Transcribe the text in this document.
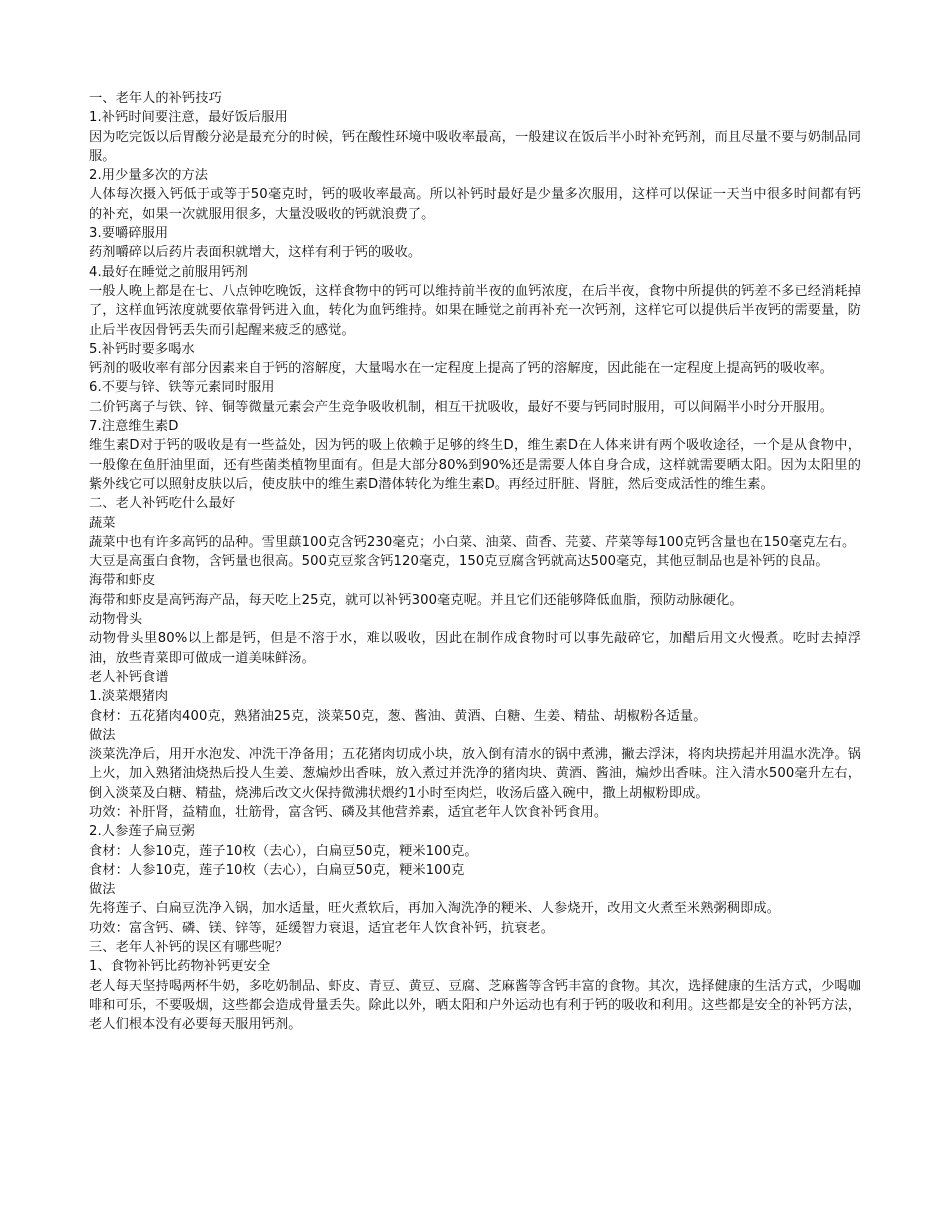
一、老年人的补钙技巧

1.补钙时间要注意，最好饭后服用

因为吃完饭以后胃酸分泌是最充分的时候，钙在酸性环境中吸收率最高，一般建议在饭后半小时补充钙剂，而且尽量不要与奶制品同服。

2.用少量多次的方法

人体每次摄入钙低于或等于50毫克时，钙的吸收率最高。所以补钙时最好是少量多次服用，这样可以保证一天当中很多时间都有钙的补充，如果一次就服用很多，大量没吸收的钙就浪费了。

3.要嚼碎服用

药剂嚼碎以后药片表面积就增大，这样有利于钙的吸收。

4.最好在睡觉之前服用钙剂

一般人晚上都是在七、八点钟吃晚饭，这样食物中的钙可以维持前半夜的血钙浓度，在后半夜，食物中所提供的钙差不多已经消耗掉了，这样血钙浓度就要依靠骨钙进入血，转化为血钙维持。如果在睡觉之前再补充一次钙剂，这样它可以提供后半夜钙的需要量，防止后半夜因骨钙丢失而引起醒来疲乏的感觉。

5.补钙时要多喝水

钙剂的吸收率有部分因素来自于钙的溶解度，大量喝水在一定程度上提高了钙的溶解度，因此能在一定程度上提高钙的吸收率。

6.不要与锌、铁等元素同时服用

二价钙离子与铁、锌、铜等微量元素会产生竞争吸收机制，相互干扰吸收，最好不要与钙同时服用，可以间隔半小时分开服用。

7.注意维生素D

维生素D对于钙的吸收是有一些益处，因为钙的吸上依赖于足够的终生D，维生素D在人体来讲有两个吸收途径，一个是从食物中，一般像在鱼肝油里面，还有些菌类植物里面有。但是大部分80%到90%还是需要人体自身合成，这样就需要晒太阳。因为太阳里的紫外线它可以照射皮肤以后，使皮肤中的维生素D潜体转化为维生素D。再经过肝脏、肾脏，然后变成活性的维生素。

二、老人补钙吃什么最好

蔬菜

蔬菜中也有许多高钙的品种。雪里蕻100克含钙230毫克；小白菜、油菜、茴香、芫荽、芹菜等每100克钙含量也在150毫克左右。

大豆是高蛋白食物，含钙量也很高。500克豆浆含钙120毫克，150克豆腐含钙就高达500毫克，其他豆制品也是补钙的良品。

海带和虾皮

海带和虾皮是高钙海产品，每天吃上25克，就可以补钙300毫克呢。并且它们还能够降低血脂，预防动脉硬化。

动物骨头

动物骨头里80%以上都是钙，但是不溶于水，难以吸收，因此在制作成食物时可以事先敲碎它，加醋后用文火慢煮。吃时去掉浮油，放些青菜即可做成一道美味鲜汤。

老人补钙食谱

1.淡菜煨猪肉

食材：五花猪肉400克，熟猪油25克，淡菜50克，葱、酱油、黄酒、白糖、生姜、精盐、胡椒粉各适量。

做法

淡菜洗净后，用开水泡发、冲洗干净备用；五花猪肉切成小块，放入倒有清水的锅中煮沸，撇去浮沫，将肉块捞起并用温水洗净。锅上火，加入熟猪油烧热后投人生姜、葱煸炒出香味，放入煮过并洗净的猪肉块、黄酒、酱油，煸炒出香味。注入清水500毫升左右，倒入淡菜及白糖、精盐，烧沸后改文火保持微沸状煨约1小时至肉烂，收汤后盛入碗中，撒上胡椒粉即成。

功效：补肝肾，益精血，壮筋骨，富含钙、磷及其他营养素，适宜老年人饮食补钙食用。

2.人参莲子扁豆粥

食材：人参10克，莲子10枚（去心），白扁豆50克，粳米100克。

食材：人参10克，莲子10枚（去心），白扁豆50克，粳米100克

做法

先将莲子、白扁豆洗净入锅，加水适量，旺火煮软后，再加入淘洗净的粳米、人参烧开，改用文火煮至米熟粥稠即成。

功效：富含钙、磷、镁、锌等，延缓智力衰退，适宜老年人饮食补钙，抗衰老。

三、老年人补钙的误区有哪些呢？

1、食物补钙比药物补钙更安全

老人每天坚持喝两杯牛奶，多吃奶制品、虾皮、青豆、黄豆、豆腐、芝麻酱等含钙丰富的食物。其次，选择健康的生活方式，少喝咖啡和可乐，不要吸烟，这些都会造成骨量丢失。除此以外，晒太阳和户外运动也有利于钙的吸收和利用。这些都是安全的补钙方法，老人们根本没有必要每天服用钙剂。
